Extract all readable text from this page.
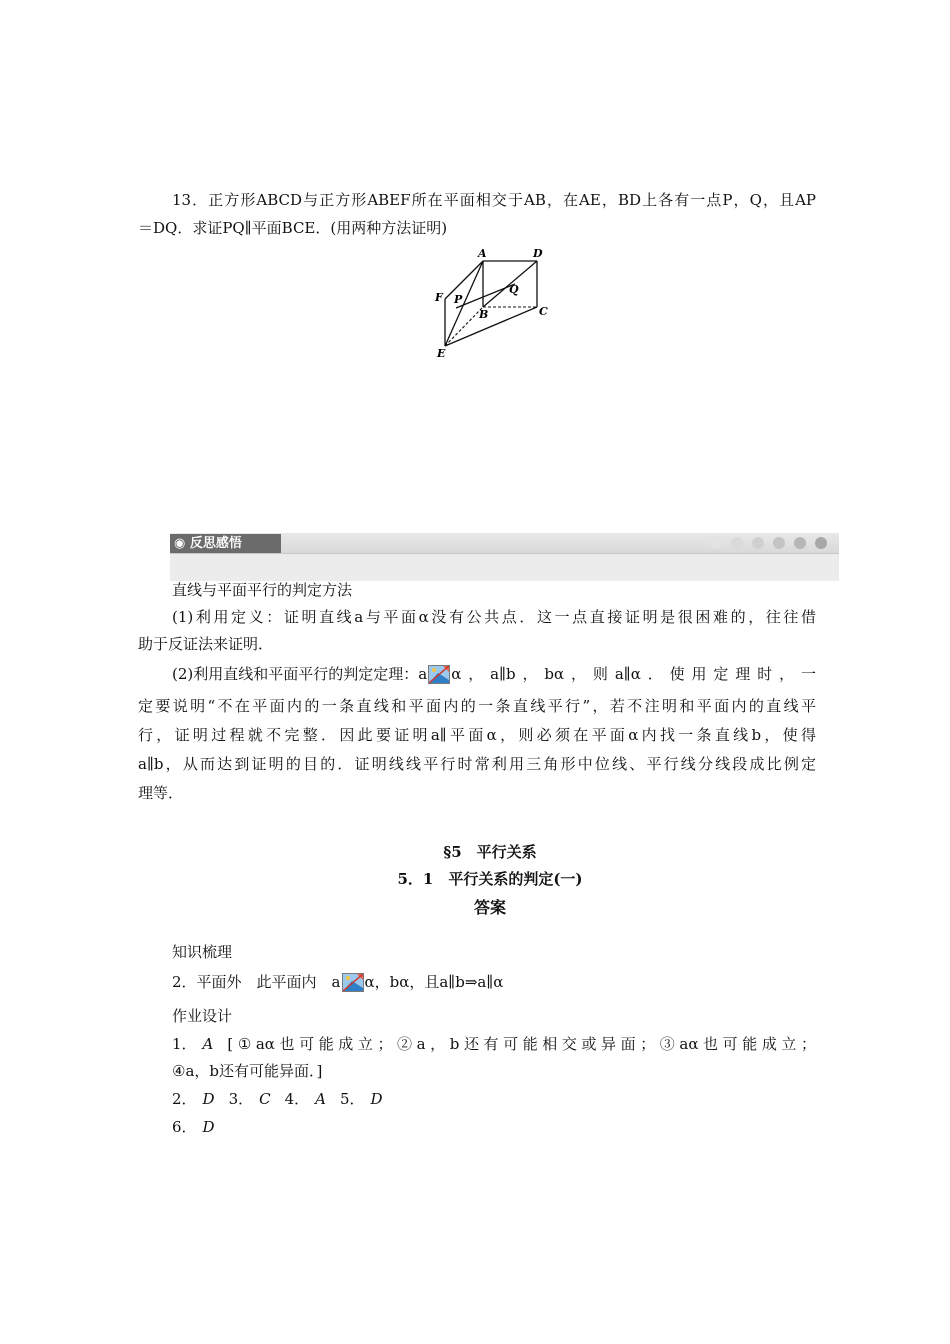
13．正方形ABCD与正方形ABEF所在平面相交于AB，在AE，BD上各有一点P，Q，且AP
＝DQ．求证PQ∥平面BCE．(用两种方法证明)
A	D
F P
Q
B	C
E
◉ 反思感悟
直线与平面平行的判定方法
(1)利用定义：证明直线a与平面α没有公共点．这一点直接证明是很困难的，往往借
助于反证法来证明．
(2)利用直线和平面平行的判定定理：a α，a∥b，bα，则a∥α．使用定理时，一
定要说明“不在平面内的一条直线和平面内的一条直线平行”，若不注明和平面内的直线平
行，证明过程就不完整．因此要证明a∥平面α，则必须在平面α内找一条直线b，使得
a∥b，从而达到证明的目的．证明线线平行时常利用三角形中位线、平行线分线段成比例定
理等．
§5　平行关系
5．1　平行关系的判定(一)
答案
知识梳理
2．平面外　此平面内　a α，bα，且a∥b⇒a∥α
作业设计
1． A [①aα也可能成立；②a，b还有可能相交或异面；③aα也可能成立；
④a，b还有可能异面．]
2． D 3． C 4． A 5． D
6． D
